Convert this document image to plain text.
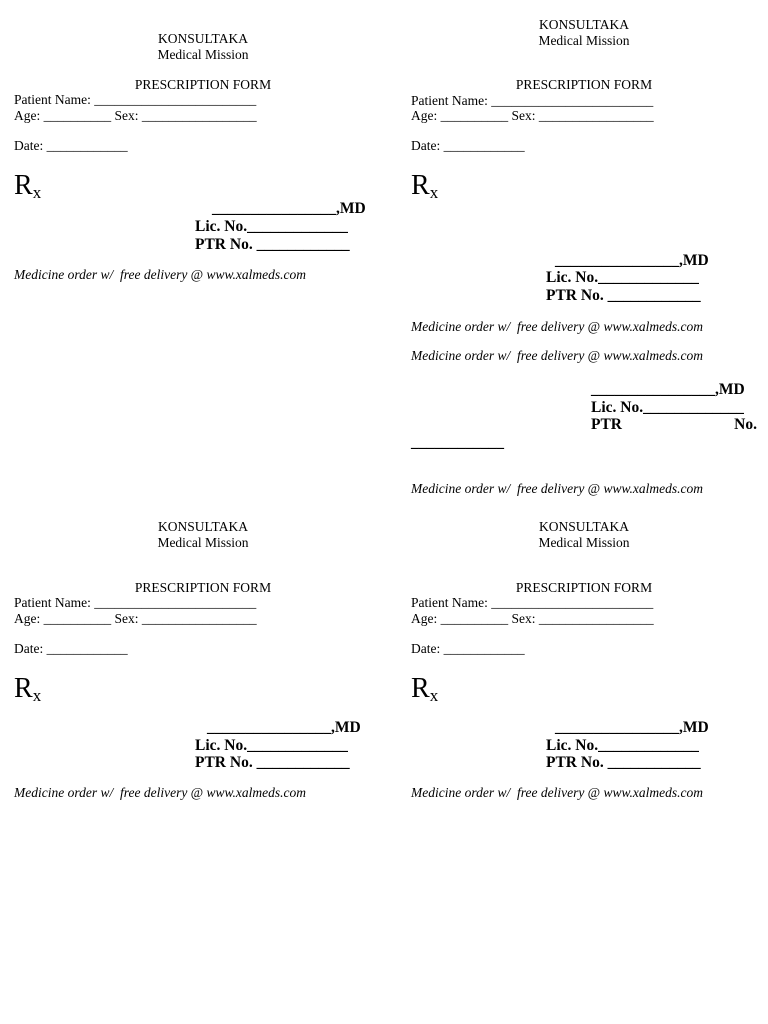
KONSULTAKA
Medical Mission
PRESCRIPTION FORM
Patient Name: ________________________
Age: __________ Sex: _________________
Date: ____________
Rx
________________,MD
Lic. No._____________
PTR No. ____________
Medicine order w/  free delivery @ www.xalmeds.com
KONSULTAKA
Medical Mission
PRESCRIPTION FORM
Patient Name: ________________________
Age: __________ Sex: _________________
Date: ____________
Rx
________________,MD
Lic. No._____________
PTR No. ____________
Medicine order w/  free delivery @ www.xalmeds.com
Medicine order w/  free delivery @ www.xalmeds.com
________________,MD
Lic. No._____________
PTR	No.
____________
Medicine order w/  free delivery @ www.xalmeds.com
KONSULTAKA
Medical Mission
PRESCRIPTION FORM
Patient Name: ________________________
Age: __________ Sex: _________________
Date: ____________
Rx
________________,MD
Lic. No._____________
PTR No. ____________
Medicine order w/  free delivery @ www.xalmeds.com
KONSULTAKA
Medical Mission
PRESCRIPTION FORM
Patient Name: ________________________
Age: __________ Sex: _________________
Date: ____________
Rx
________________,MD
Lic. No._____________
PTR No. ____________
Medicine order w/  free delivery @ www.xalmeds.com
